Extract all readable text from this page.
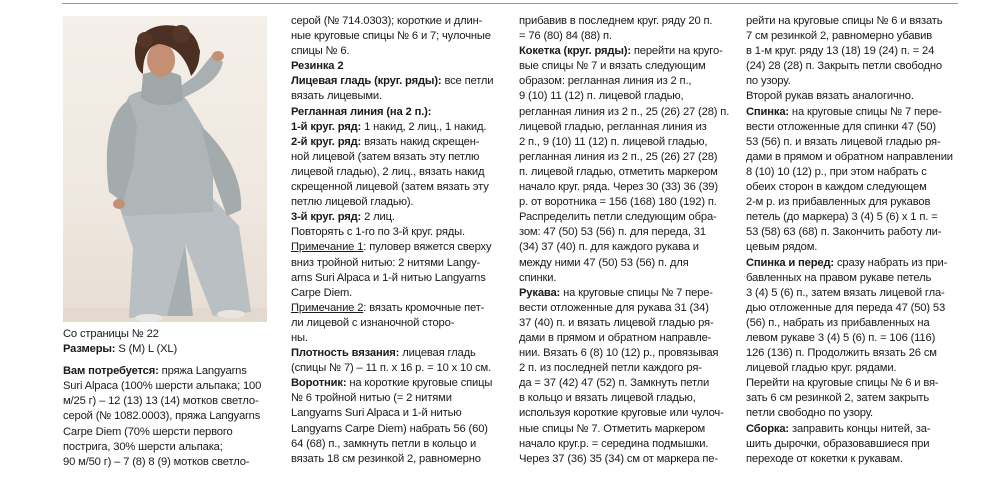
Со страницы № 22

Размеры: S (M) L (XL)

Вам потребуется: пряжа Langyarns

Suri Alpaca (100% шерсти альпака; 100

м/25 г) – 12 (13) 13 (14) мотков светло-

серой (№ 1082.0003), пряжа Langyarns

Carpe Diem (70% шерсти первого

пострига, 30% шерсти альпака;

90 м/50 г) – 7 (8) 8 (9) мотков светло-

серой (№ 714.0303); короткие и длин-

ные круговые спицы № 6 и 7; чулочные

спицы № 6.

Резинка 2

Лицевая гладь (круг. ряды): все петли

вязать лицевыми.

Регланная линия (на 2 п.):

1-й круг. ряд: 1 накид, 2 лиц., 1 накид.

2-й круг. ряд: вязать накид скрещен-

ной лицевой (затем вязать эту петлю

лицевой гладью), 2 лиц., вязать накид

скрещенной лицевой (затем вязать эту

петлю лицевой гладью).

3-й круг. ряд: 2 лиц.

Повторять с 1-го по 3-й круг. ряды.

Примечание 1: пуловер вяжется сверху

вниз тройной нитью: 2 нитями Langy-

arns Suri Alpaca и 1-й нитью Langyarns

Carpe Diem.

Примечание 2: вязать кромочные пет-

ли лицевой с изнаночной сторо-

ны.

Плотность вязания: лицевая гладь

(спицы № 7) – 11 п. х 16 р. = 10 х 10 см.

Воротник: на короткие круговые спицы

№ 6 тройной нитью (= 2 нитями

Langyarns Suri Alpaca и 1-й нитью

Langyarns Carpe Diem) набрать 56 (60)

64 (68) п., замкнуть петли в кольцо и

вязать 18 см резинкой 2, равномерно

прибавив в последнем круг. ряду 20 п.

= 76 (80) 84 (88) п.

Кокетка (круг. ряды): перейти на круго-

вые спицы № 7 и вязать следующим

образом: регланная линия из 2 п.,

9 (10) 11 (12) п. лицевой гладью,

регланная линия из 2 п., 25 (26) 27 (28) п.

лицевой гладью, регланная линия из

2 п., 9 (10) 11 (12) п. лицевой гладью,

регланная линия из 2 п., 25 (26) 27 (28)

п. лицевой гладью, отметить маркером

начало круг. ряда. Через 30 (33) 36 (39)

р. от воротника = 156 (168) 180 (192) п.

Распределить петли следующим обра-

зом: 47 (50) 53 (56) п. для переда, 31

(34) 37 (40) п. для каждого рукава и

между ними 47 (50) 53 (56) п. для

спинки.

Рукава: на круговые спицы № 7 пере-

вести отложенные для рукава 31 (34)

37 (40) п. и вязать лицевой гладью ря-

дами в прямом и обратном направле-

нии. Вязать 6 (8) 10 (12) р., провязывая

2 п. из последней петли каждого ря-

да = 37 (42) 47 (52) п. Замкнуть петли

в кольцо и вязать лицевой гладью,

используя короткие круговые или чулоч-

ные спицы № 7. Отметить маркером

начало круг.р. = середина подмышки.

Через 37 (36) 35 (34) см от маркера пе-

рейти на круговые спицы № 6 и вязать

7 см резинкой 2, равномерно убавив

в 1-м круг. ряду 13 (18) 19 (24) п. = 24

(24) 28 (28) п. Закрыть петли свободно

по узору.

Второй рукав вязать аналогично.

Спинка: на круговые спицы № 7 пере-

вести отложенные для спинки 47 (50)

53 (56) п. и вязать лицевой гладью ря-

дами в прямом и обратном направлении

8 (10) 10 (12) р., при этом набрать с

обеих сторон в каждом следующем

2-м р. из прибавленных для рукавов

петель (до маркера) 3 (4) 5 (6) х 1 п. =

53 (58) 63 (68) п. Закончить работу ли-

цевым рядом.

Спинка и перед: сразу набрать из при-

бавленных на правом рукаве петель

3 (4) 5 (6) п., затем вязать лицевой гла-

дью отложенные для переда 47 (50) 53

(56) п., набрать из прибавленных на

левом рукаве 3 (4) 5 (6) п. = 106 (116)

126 (136) п. Продолжить вязать 26 см

лицевой гладью круг. рядами.

Перейти на круговые спицы № 6 и вя-

зать 6 см резинкой 2, затем закрыть

петли свободно по узору.

Сборка: заправить концы нитей, за-

шить дырочки, образовавшиеся при

переходе от кокетки к рукавам.
